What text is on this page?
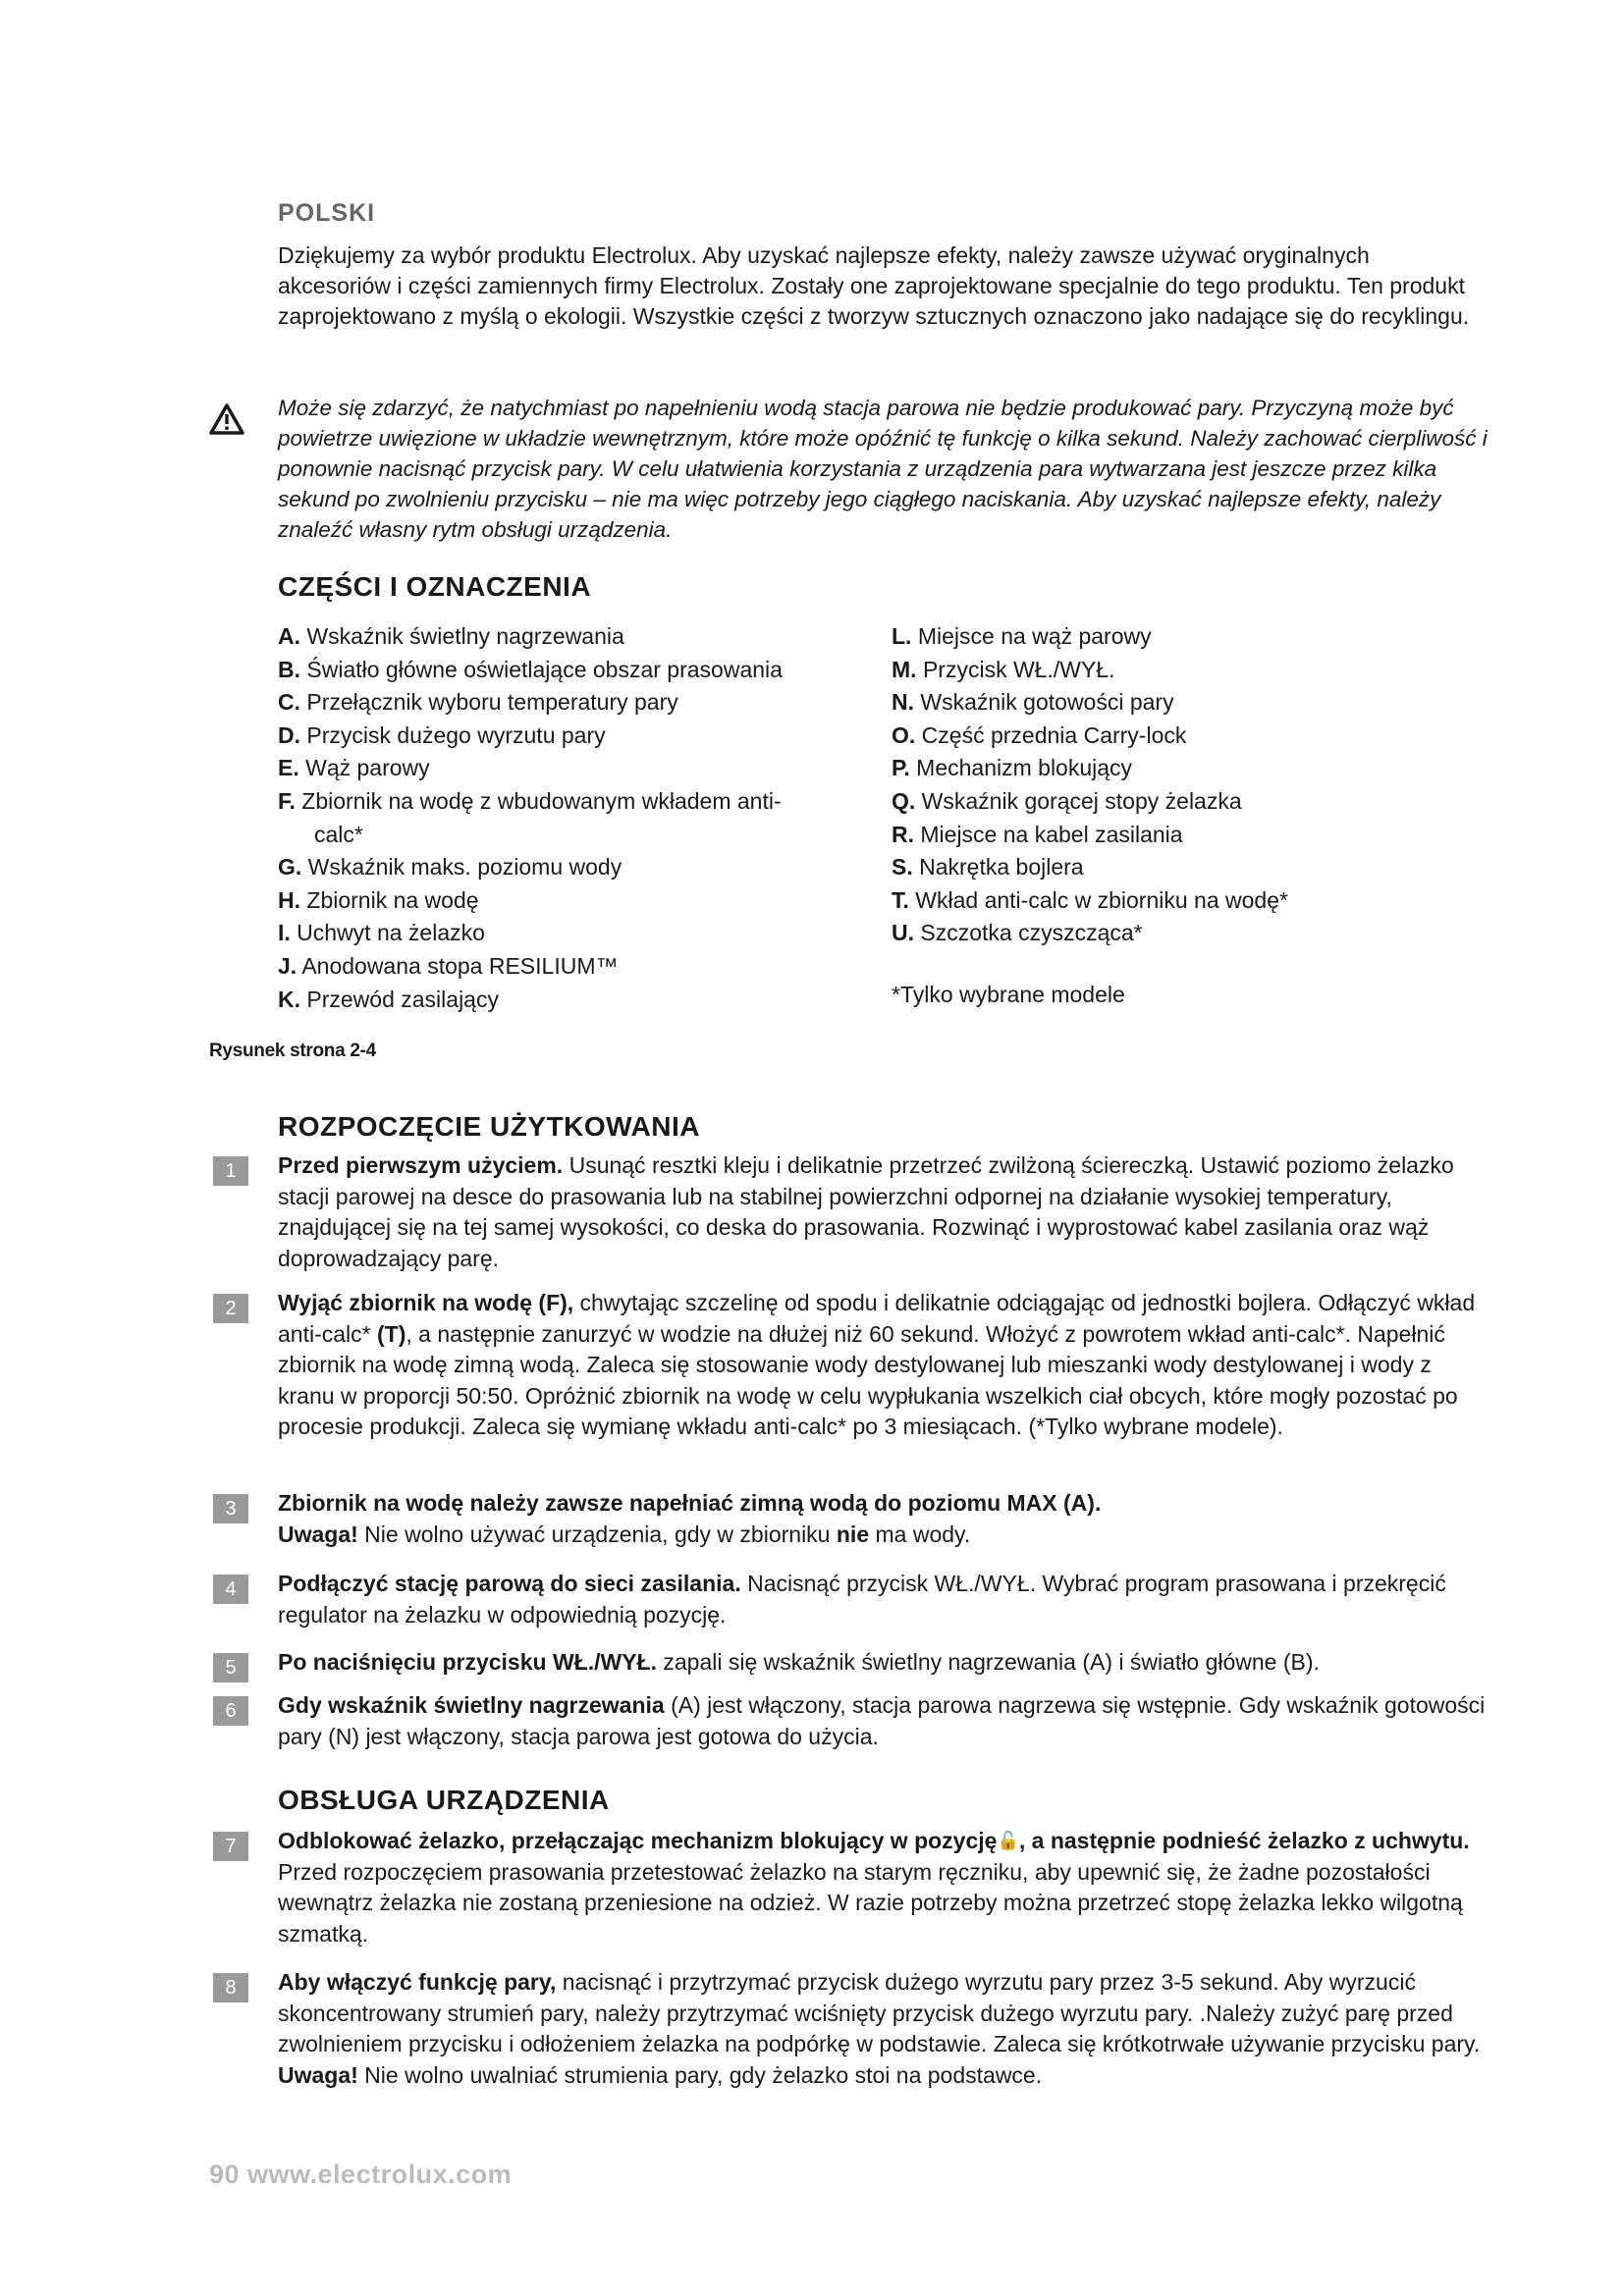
POLSKI

Dziękujemy za wybór produktu Electrolux. Aby uzyskać najlepsze efekty, należy zawsze używać oryginalnych akcesoriów i części zamiennych firmy Electrolux. Zostały one zaprojektowane specjalnie do tego produktu. Ten produkt zaprojektowano z myślą o ekologii. Wszystkie części z tworzyw sztucznych oznaczono jako nadające się do recyklingu.

Może się zdarzyć, że natychmiast po napełnieniu wodą stacja parowa nie będzie produkować pary. Przyczyną może być powietrze uwięzione w układzie wewnętrznym, które może opóźnić tę funkcję o kilka sekund. Należy zachować cierpliwość i ponownie nacisnąć przycisk pary. W celu ułatwienia korzystania z urządzenia para wytwarzana jest jeszcze przez kilka sekund po zwolnieniu przycisku – nie ma więc potrzeby jego ciągłego naciskania. Aby uzyskać najlepsze efekty, należy znaleźć własny rytm obsługi urządzenia.

CZĘŚCI I OZNACZENIA
A. Wskaźnik świetlny nagrzewania
B. Światło główne oświetlające obszar prasowania
C. Przełącznik wyboru temperatury pary
D. Przycisk dużego wyrzutu pary
E. Wąż parowy
F. Zbiornik na wodę z wbudowanym wkładem anti-
calc*
G. Wskaźnik maks. poziomu wody
H. Zbiornik na wodę
I. Uchwyt na żelazko
J. Anodowana stopa RESILIUM™
K. Przewód zasilający
L. Miejsce na wąż parowy
M. Przycisk WŁ./WYŁ.
N. Wskaźnik gotowości pary
O. Część przednia Carry-lock
P. Mechanizm blokujący
Q. Wskaźnik gorącej stopy żelazka
R. Miejsce na kabel zasilania
S. Nakrętka bojlera
T. Wkład anti-calc w zbiorniku na wodę*
U. Szczotka czyszcząca*
*Tylko wybrane modele
Rysunek strona 2-4
ROZPOCZĘCIE UŻYTKOWANIA
1	Przed pierwszym użyciem. Usunąć resztki kleju i delikatnie przetrzeć zwilżoną ściereczką. Ustawić poziomo żelazko stacji parowej na desce do prasowania lub na stabilnej powierzchni odpornej na działanie wysokiej temperatury, znajdującej się na tej samej wysokości, co deska do prasowania. Rozwinąć i wyprostować kabel zasilania oraz wąż doprowadzający parę.

2	Wyjąć zbiornik na wodę (F), chwytając szczelinę od spodu i delikatnie odciągając od jednostki bojlera. Odłączyć wkład anti-calc* (T), a następnie zanurzyć w wodzie na dłużej niż 60 sekund. Włożyć z powrotem wkład anti-calc*. Napełnić zbiornik na wodę zimną wodą. Zaleca się stosowanie wody destylowanej lub mieszanki wody destylowanej i wody z kranu w proporcji 50:50. Opróżnić zbiornik na wodę w celu wypłukania wszelkich ciał obcych, które mogły pozostać po procesie produkcji. Zaleca się wymianę wkładu anti-calc* po 3 miesiącach. (*Tylko wybrane modele).

3	Zbiornik na wodę należy zawsze napełniać zimną wodą do poziomu MAX (A).
Uwaga! Nie wolno używać urządzenia, gdy w zbiorniku nie ma wody.

4	Podłączyć stację parową do sieci zasilania. Nacisnąć przycisk WŁ./WYŁ. Wybrać program prasowana i przekręcić regulator na żelazku w odpowiednią pozycję.

5	Po naciśnięciu przycisku WŁ./WYŁ. zapali się wskaźnik świetlny nagrzewania (A) i światło główne (B).

6	Gdy wskaźnik świetlny nagrzewania (A) jest włączony, stacja parowa nagrzewa się wstępnie. Gdy wskaźnik gotowości pary (N) jest włączony, stacja parowa jest gotowa do użycia.

OBSŁUGA URZĄDZENIA
7	Odblokować żelazko, przełączając mechanizm blokujący w pozycję🔓, a następnie podnieść żelazko z uchwytu. Przed rozpoczęciem prasowania przetestować żelazko na starym ręczniku, aby upewnić się, że żadne pozostałości wewnątrz żelazka nie zostaną przeniesione na odzież. W razie potrzeby można przetrzeć stopę żelazka lekko wilgotną szmatką.

8	Aby włączyć funkcję pary, nacisnąć i przytrzymać przycisk dużego wyrzutu pary przez 3-5 sekund. Aby wyrzucić skoncentrowany strumień pary, należy przytrzymać wciśnięty przycisk dużego wyrzutu pary. .Należy zużyć parę przed zwolnieniem przycisku i odłożeniem żelazka na podpórkę w podstawie. Zaleca się krótkotrwałe używanie przycisku pary.
Uwaga! Nie wolno uwalniać strumienia pary, gdy żelazko stoi na podstawce.

90 www.electrolux.com
